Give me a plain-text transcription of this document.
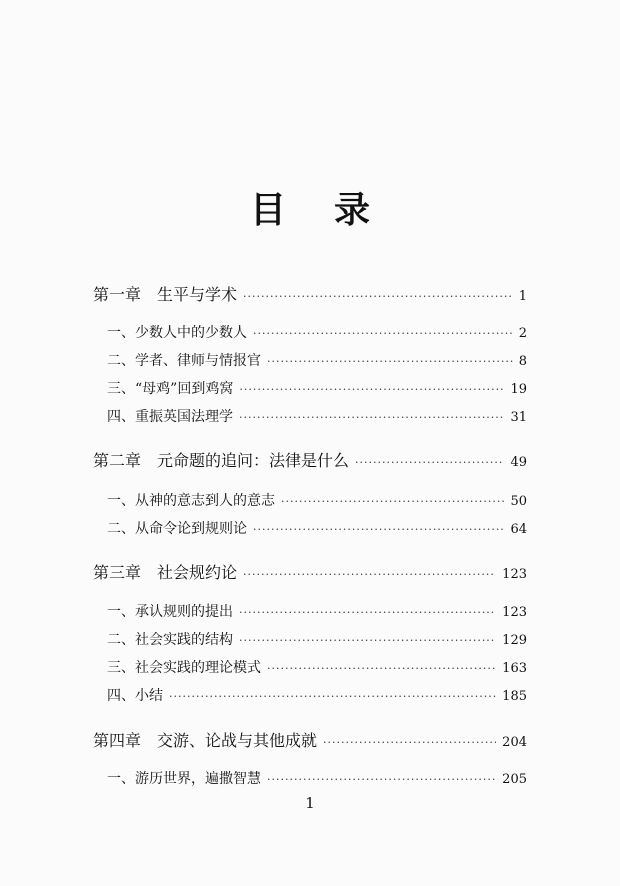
目 录
第一章　生平与学术 ·····	1
一、少数人中的少数人 ·····	2
二、学者、律师与情报官 ·····	8
三、“母鸡”回到鸡窝 ·····	19
四、重振英国法理学 ·····	31
第二章　元命题的追问：法律是什么 ·····	49
一、从神的意志到人的意志 ·····	50
二、从命令论到规则论 ·····	64
第三章　社会规约论 ·····	123
一、承认规则的提出 ·····	123
二、社会实践的结构 ·····	129
三、社会实践的理论模式 ·····	163
四、小结 ·····	185
第四章　交游、论战与其他成就 ·····	204
一、游历世界，遍撒智慧 ·····	205
1
